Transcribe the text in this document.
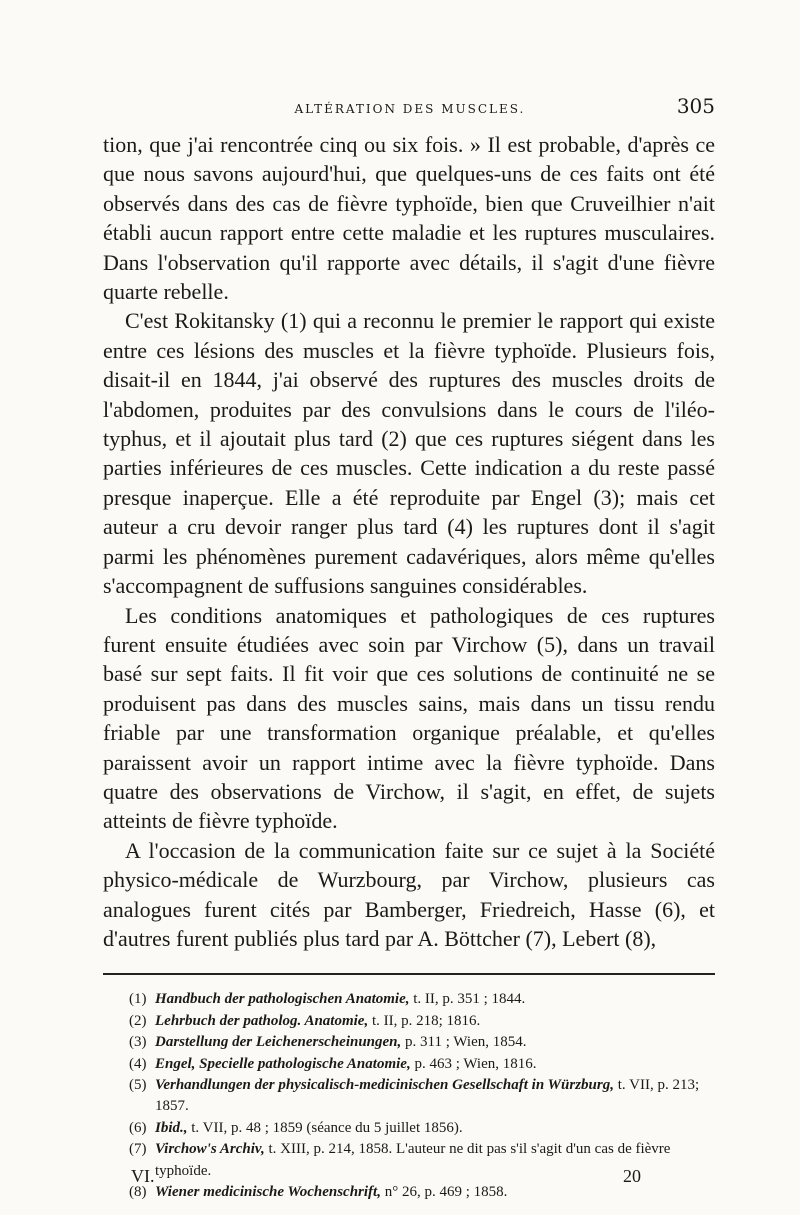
ALTÉRATION DES MUSCLES.	305

tion, que j'ai rencontrée cinq ou six fois. » Il est probable, d'après ce que nous savons aujourd'hui, que quelques-uns de ces faits ont été observés dans des cas de fièvre typhoïde, bien que Cruveilhier n'ait établi aucun rapport entre cette maladie et les ruptures musculaires. Dans l'observation qu'il rapporte avec détails, il s'agit d'une fièvre quarte rebelle.

C'est Rokitansky (1) qui a reconnu le premier le rapport qui existe entre ces lésions des muscles et la fièvre typhoïde. Plusieurs fois, disait-il en 1844, j'ai observé des ruptures des muscles droits de l'abdomen, produites par des convulsions dans le cours de l'iléo-typhus, et il ajoutait plus tard (2) que ces ruptures siégent dans les parties inférieures de ces muscles. Cette indication a du reste passé presque inaperçue. Elle a été reproduite par Engel (3); mais cet auteur a cru devoir ranger plus tard (4) les ruptures dont il s'agit parmi les phénomènes purement cadavériques, alors même qu'elles s'accompagnent de suffusions sanguines considérables.

Les conditions anatomiques et pathologiques de ces ruptures furent ensuite étudiées avec soin par Virchow (5), dans un travail basé sur sept faits. Il fit voir que ces solutions de continuité ne se produisent pas dans des muscles sains, mais dans un tissu rendu friable par une transformation organique préalable, et qu'elles paraissent avoir un rapport intime avec la fièvre typhoïde. Dans quatre des observations de Virchow, il s'agit, en effet, de sujets atteints de fièvre typhoïde.

A l'occasion de la communication faite sur ce sujet à la Société physico-médicale de Wurzbourg, par Virchow, plusieurs cas analogues furent cités par Bamberger, Friedreich, Hasse (6), et d'autres furent publiés plus tard par A. Böttcher (7), Lebert (8),

(1) Handbuch der pathologischen Anatomie, t. II, p. 351 ; 1844.
(2) Lehrbuch der patholog. Anatomie, t. II, p. 218; 1816.
(3) Darstellung der Leichenerscheinungen, p. 311 ; Wien, 1854.
(4) Engel, Specielle pathologische Anatomie, p. 463 ; Wien, 1816.
(5) Verhandlungen der physicalisch-medicinischen Gesellschaft in Würzburg, t. VII, p. 213; 1857.
(6) Ibid., t. VII, p. 48 ; 1859 (séance du 5 juillet 1856).
(7) Virchow's Archiv, t. XIII, p. 214, 1858. L'auteur ne dit pas s'il s'agit d'un cas de fièvre typhoïde.
(8) Wiener medicinische Wochenschrift, n° 26, p. 469 ; 1858.
VI.	20
